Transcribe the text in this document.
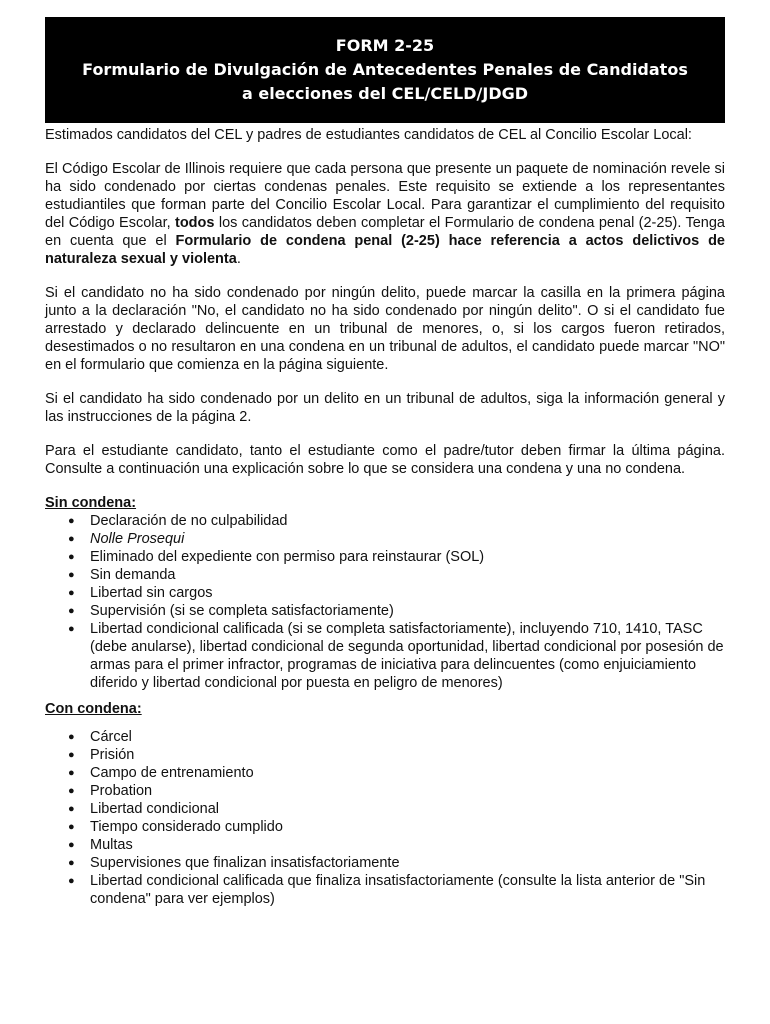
FORM 2-25
Formulario de Divulgación de Antecedentes Penales de Candidatos
a elecciones del CEL/CELD/JDGD

Estimados candidatos del CEL y padres de estudiantes candidatos de CEL al Concilio Escolar Local:

El Código Escolar de Illinois requiere que cada persona que presente un paquete de nominación revele si ha sido condenado por ciertas condenas penales. Este requisito se extiende a los representantes estudiantiles que forman parte del Concilio Escolar Local. Para garantizar el cumplimiento del requisito del Código Escolar, todos los candidatos deben completar el Formulario de condena penal (2-25). Tenga en cuenta que el Formulario de condena penal (2-25) hace referencia a actos delictivos de naturaleza sexual y violenta.

Si el candidato no ha sido condenado por ningún delito, puede marcar la casilla en la primera página junto a la declaración "No, el candidato no ha sido condenado por ningún delito". O si el candidato fue arrestado y declarado delincuente en un tribunal de menores, o, si los cargos fueron retirados, desestimados o no resultaron en una condena en un tribunal de adultos, el candidato puede marcar "NO" en el formulario que comienza en la página siguiente.

Si el candidato ha sido condenado por un delito en un tribunal de adultos, siga la información general y las instrucciones de la página 2.

Para el estudiante candidato, tanto el estudiante como el padre/tutor deben firmar la última página. Consulte a continuación una explicación sobre lo que se considera una condena y una no condena.

Sin condena:
● Declaración de no culpabilidad
● Nolle Prosequi
● Eliminado del expediente con permiso para reinstaurar (SOL)
● Sin demanda
● Libertad sin cargos
● Supervisión (si se completa satisfactoriamente)
● Libertad condicional calificada (si se completa satisfactoriamente), incluyendo 710, 1410, TASC (debe anularse), libertad condicional de segunda oportunidad, libertad condicional por posesión de armas para el primer infractor, programas de iniciativa para delincuentes (como enjuiciamiento diferido y libertad condicional por puesta en peligro de menores)
Con condena:
● Cárcel
● Prisión
● Campo de entrenamiento
● Probation
● Libertad condicional
● Tiempo considerado cumplido
● Multas
● Supervisiones que finalizan insatisfactoriamente
● Libertad condicional calificada que finaliza insatisfactoriamente (consulte la lista anterior de "Sin condena" para ver ejemplos)
